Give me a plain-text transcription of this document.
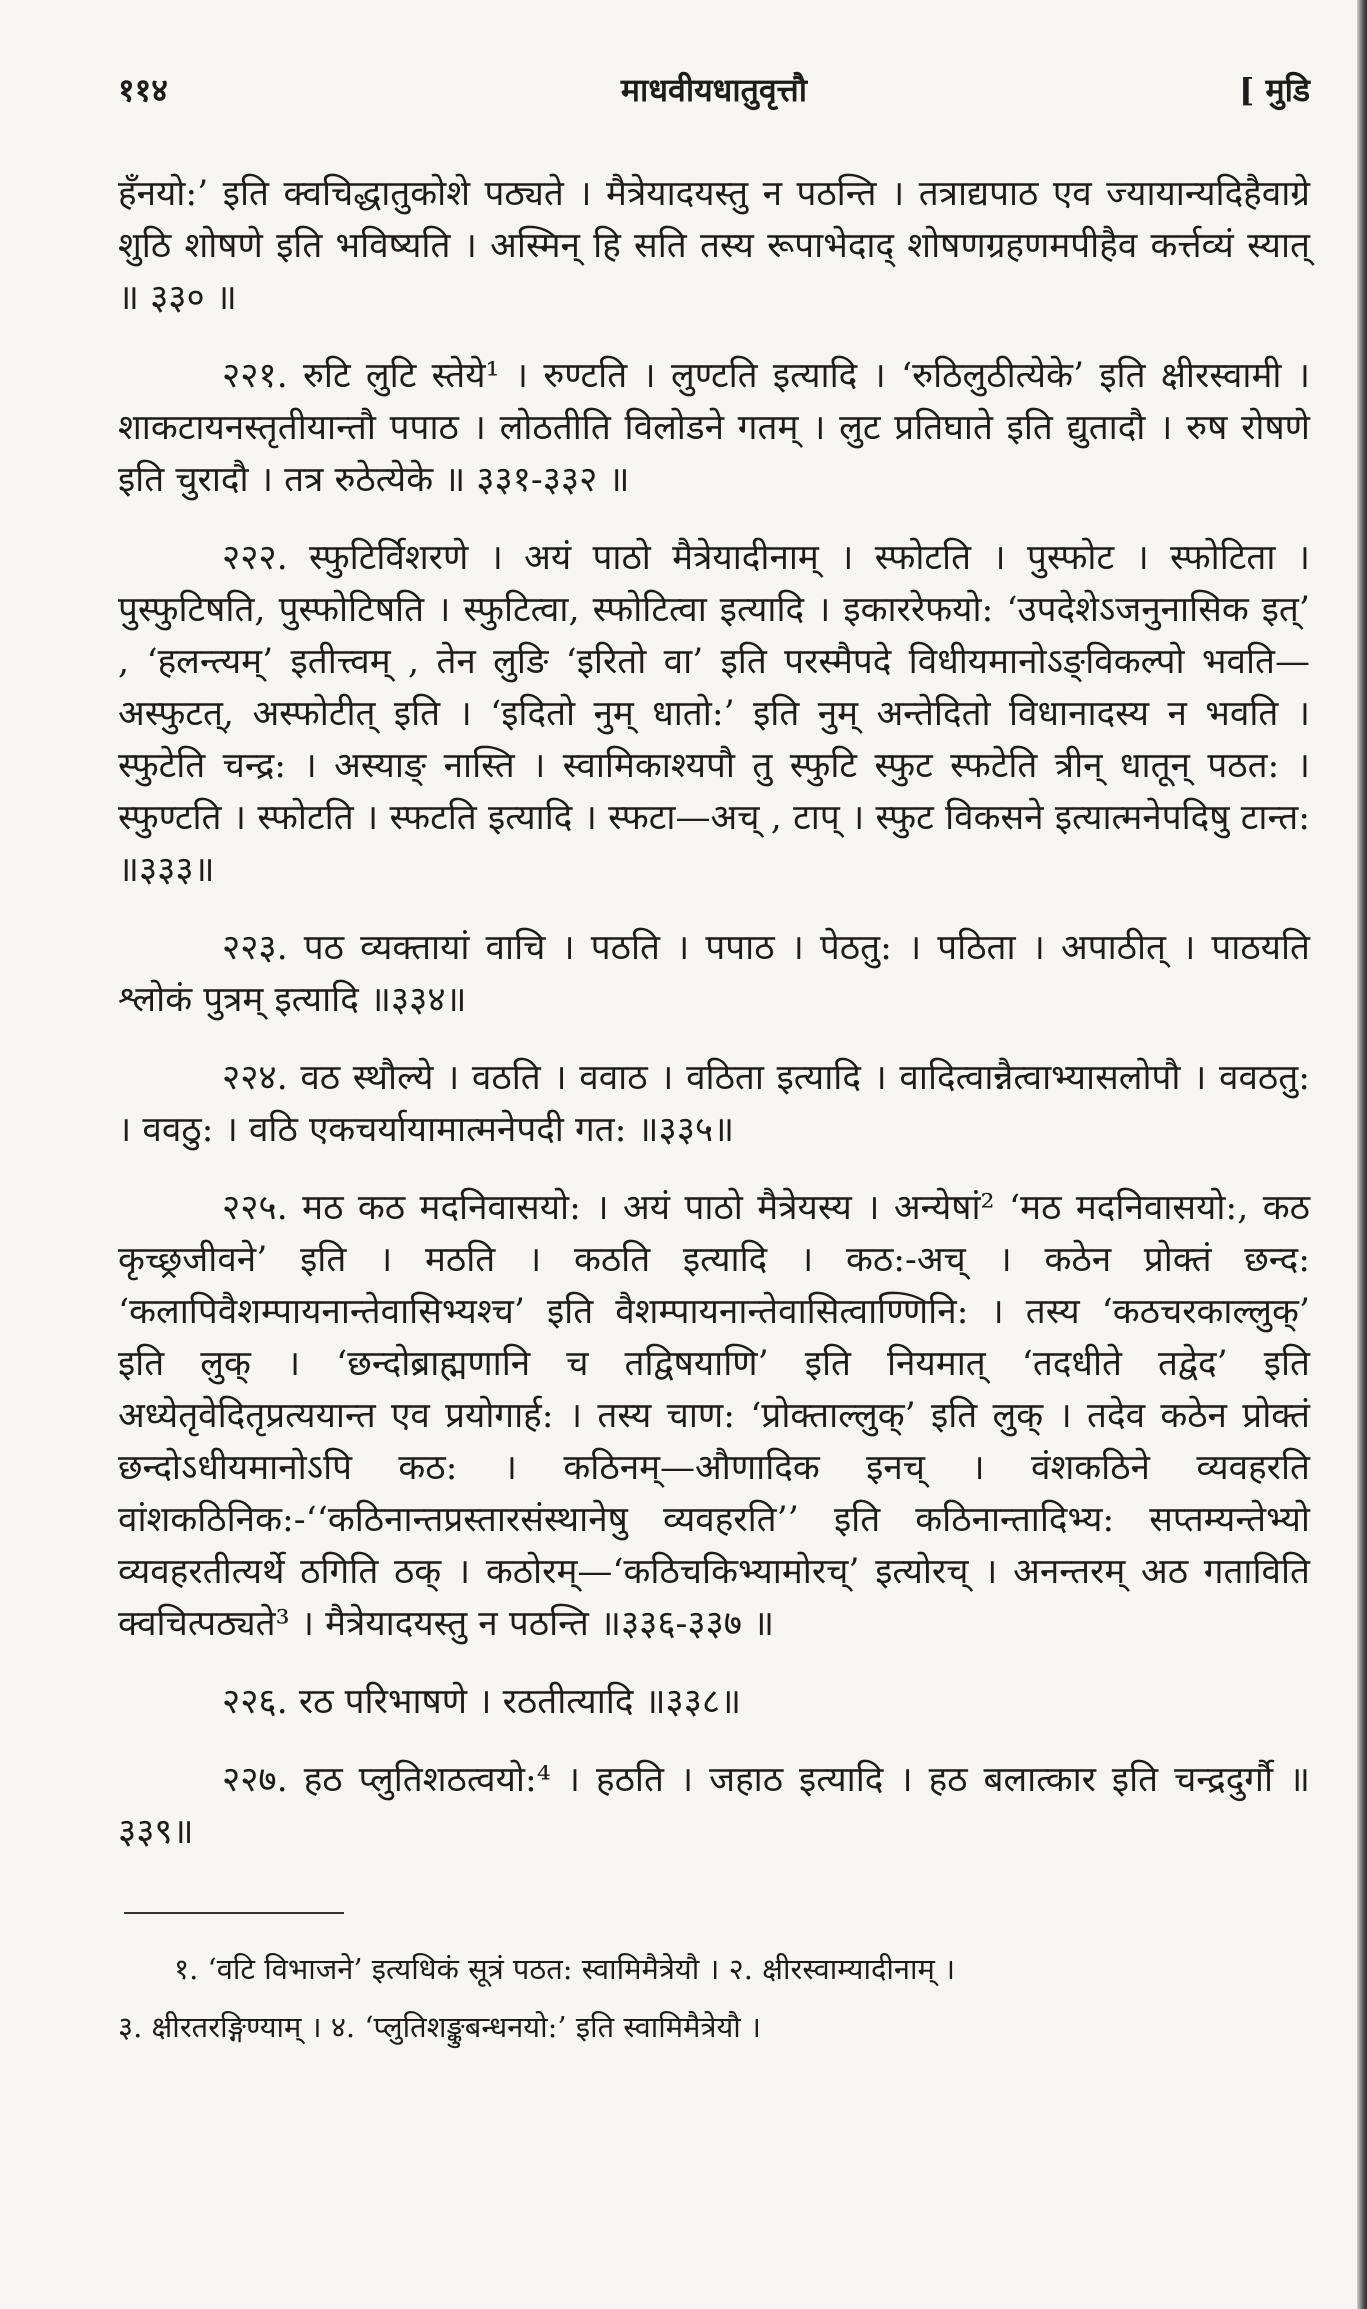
११४	माधवीयधातुवृत्तौ	[ मुडि

हँनयो:’ इति क्वचिद्धातुकोशे पठ्यते । मैत्रेयादयस्तु न पठन्ति । तत्राद्यपाठ एव ज्यायान्यदिहैवाग्रे शुठि शोषणे इति भविष्यति । अस्मिन् हि सति तस्य रूपाभेदाद् शोषणग्रहणमपीहैव कर्त्तव्यं स्यात् ॥ ३३० ॥

२२१. रुटि लुटि स्तेये¹ । रुण्टति । लुण्टति इत्यादि । ‘रुठिलुठीत्येके’ इति क्षीरस्वामी । शाकटायनस्तृतीयान्तौ पपाठ । लोठतीति विलोडने गतम् । लुट प्रतिघाते इति द्युतादौ । रुष रोषणे इति चुरादौ । तत्र रुठेत्येके ॥ ३३१-३३२ ॥

२२२. स्फुटिर्विशरणे । अयं पाठो मैत्रेयादीनाम् । स्फोटति । पुस्फोट । स्फोटिता । पुस्फुटिषति, पुस्फोटिषति । स्फुटित्वा, स्फोटित्वा इत्यादि । इकाररेफयो: ‘उपदेशेऽजनुनासिक इत्’ , ‘हलन्त्यम्’ इतीत्त्वम् , तेन लुङि ‘इरितो वा’ इति परस्मैपदे विधीयमानोऽङ्विकल्पो भवति—अस्फुटत्, अस्फोटीत् इति । ‘इदितो नुम् धातो:’ इति नुम् अन्तेदितो विधानादस्य न भवति । स्फुटेति चन्द्र: । अस्याङ् नास्ति । स्वामिकाश्यपौ तु स्फुटि स्फुट स्फटेति त्रीन् धातून् पठत: । स्फुण्टति । स्फोटति । स्फटति इत्यादि । स्फटा—अच् , टाप् । स्फुट विकसने इत्यात्मनेपदिषु टान्त: ॥३३३॥

२२३. पठ व्यक्तायां वाचि । पठति । पपाठ । पेठतु: । पठिता । अपाठीत् । पाठयति श्लोकं पुत्रम् इत्यादि ॥३३४॥

२२४. वठ स्थौल्ये । वठति । ववाठ । वठिता इत्यादि । वादित्वान्नैत्वाभ्यासलोपौ । ववठतु: । ववठु: । वठि एकचर्यायामात्मनेपदी गत: ॥३३५॥

२२५. मठ कठ मदनिवासयो: । अयं पाठो मैत्रेयस्य । अन्येषां² ‘मठ मदनिवासयो:, कठ कृच्छ्रजीवने’ इति । मठति । कठति इत्यादि । कठ:-अच् । कठेन प्रोक्तं छन्द: ‘कलापिवैशम्पायनान्तेवासिभ्यश्च’ इति वैशम्पायनान्तेवासित्वाण्णिनि: । तस्य ‘कठचरकाल्लुक्’ इति लुक् । ‘छन्दोब्राह्मणानि च तद्विषयाणि’ इति नियमात् ‘तदधीते तद्वेद’ इति अध्येतृवेदितृप्रत्ययान्त एव प्रयोगार्ह: । तस्य चाण: ‘प्रोक्ताल्लुक्’ इति लुक् । तदेव कठेन प्रोक्तं छन्दोऽधीयमानोऽपि कठ: । कठिनम्—औणादिक इनच् । वंशकठिने व्यवहरति वांशकठिनिक:-‘‘कठिनान्तप्रस्तारसंस्थानेषु व्यवहरति’’ इति कठिनान्तादिभ्य: सप्तम्यन्तेभ्यो व्यवहरतीत्यर्थे ठगिति ठक् । कठोरम्—‘कठिचकिभ्यामोरच्’ इत्योरच् । अनन्तरम् अठ गताविति क्वचित्पठ्यते³ । मैत्रेयादयस्तु न पठन्ति ॥३३६-३३७ ॥

२२६. रठ परिभाषणे । रठतीत्यादि ॥३३८॥

२२७. हठ प्लुतिशठत्वयो:⁴ । हठति । जहाठ इत्यादि । हठ बलात्कार इति चन्द्रदुर्गौ ॥३३९॥

१. ‘वटि विभाजने’ इत्यधिकं सूत्रं पठत: स्वामिमैत्रेयौ । २. क्षीरस्वाम्यादीनाम् ।
३. क्षीरतरङ्गिण्याम् । ४. ‘प्लुतिशङ्कुबन्धनयो:’ इति स्वामिमैत्रेयौ ।
